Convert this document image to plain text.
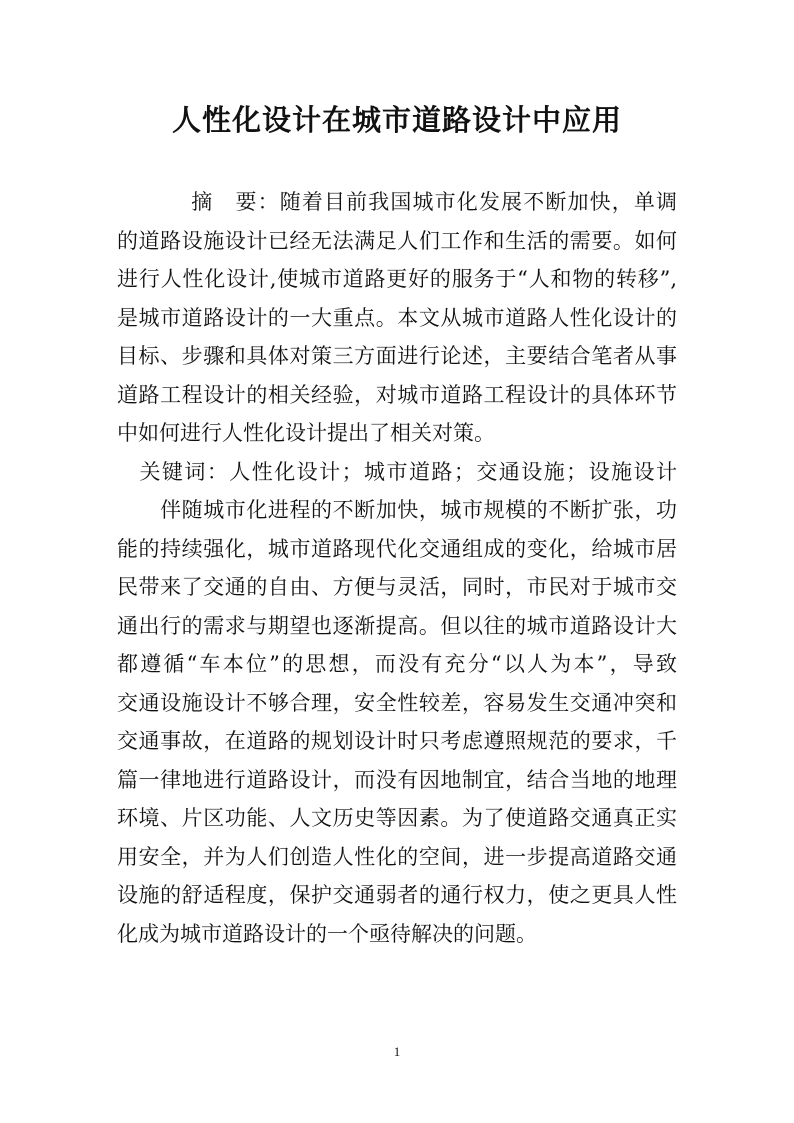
人性化设计在城市道路设计中应用
　　　 摘　要：随着目前我国城市化发展不断加快，单调
的道路设施设计已经无法满足人们工作和生活的需要。如何
进行人性化设计,使城市道路更好的服务于“人和物的转移”,
是城市道路设计的一大重点。本文从城市道路人性化设计的
目标、步骤和具体对策三方面进行论述，主要结合笔者从事
道路工程设计的相关经验，对城市道路工程设计的具体环节
中如何进行人性化设计提出了相关对策。
　关键词：人性化设计；城市道路；交通设施；设施设计
　　伴随城市化进程的不断加快，城市规模的不断扩张，功
能的持续强化，城市道路现代化交通组成的变化，给城市居
民带来了交通的自由、方便与灵活，同时，市民对于城市交
通出行的需求与期望也逐渐提高。但以往的城市道路设计大
都遵循“车本位”的思想，而没有充分“以人为本”，导致
交通设施设计不够合理，安全性较差，容易发生交通冲突和
交通事故，在道路的规划设计时只考虑遵照规范的要求，千
篇一律地进行道路设计，而没有因地制宜，结合当地的地理
环境、片区功能、人文历史等因素。为了使道路交通真正实
用安全，并为人们创造人性化的空间，进一步提高道路交通
设施的舒适程度，保护交通弱者的通行权力，使之更具人性
化成为城市道路设计的一个亟待解决的问题。
1
